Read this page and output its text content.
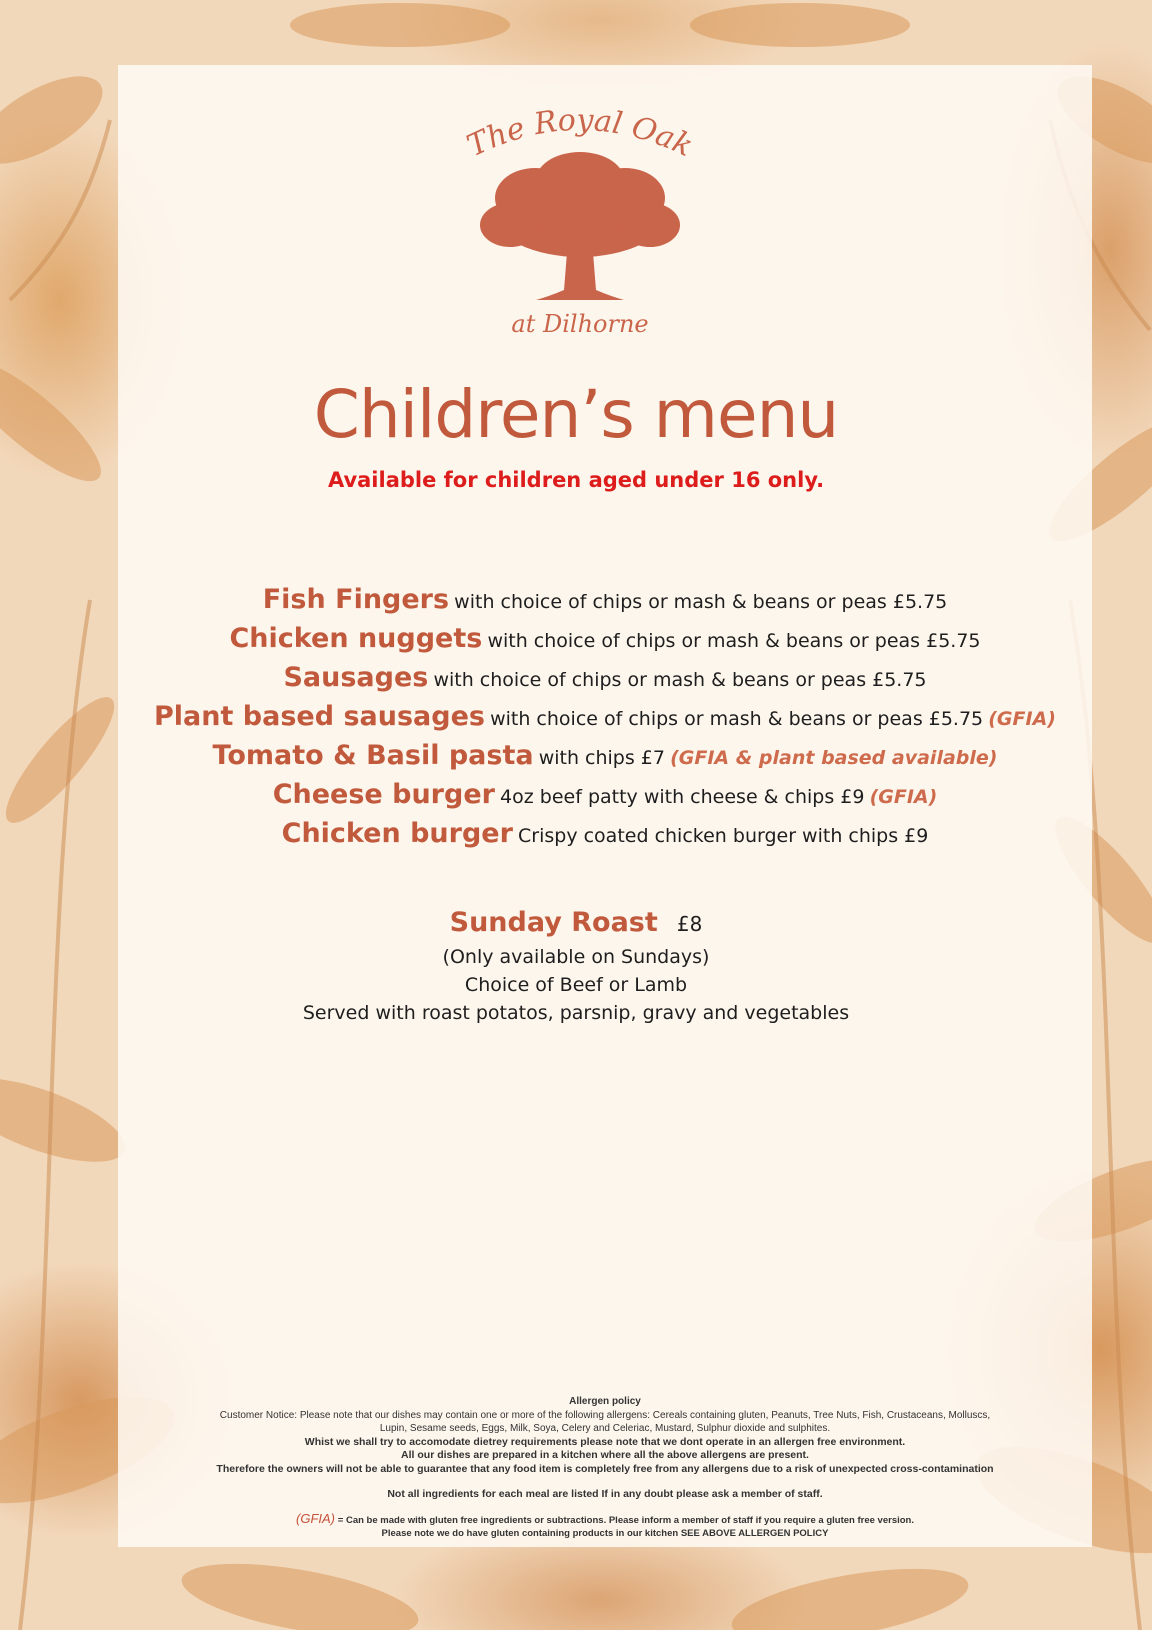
The Royal Oak
at Dilhorne
Children’s menu
Available for children aged under 16 only.
Fish Fingers with choice of chips or mash & beans or peas £5.75
Chicken nuggets with choice of chips or mash & beans or peas £5.75
Sausages with choice of chips or mash & beans or peas £5.75
Plant based sausages with choice of chips or mash & beans or peas £5.75 (GFIA)
Tomato & Basil pasta with chips £7 (GFIA & plant based available)
Cheese burger 4oz beef patty with cheese & chips £9 (GFIA)
Chicken burger Crispy coated chicken burger with chips £9
Sunday Roast £8
(Only available on Sundays)
Choice of Beef or Lamb
Served with roast potatos, parsnip, gravy and vegetables
Allergen policy
Customer Notice: Please note that our dishes may contain one or more of the following allergens: Cereals containing gluten, Peanuts, Tree Nuts, Fish, Crustaceans, Molluscs,
Lupin, Sesame seeds, Eggs, Milk, Soya, Celery and Celeriac, Mustard, Sulphur dioxide and sulphites.
Whist we shall try to accomodate dietrey requirements please note that we dont operate in an allergen free environment.
All our dishes are prepared in a kitchen where all the above allergens are present.
Therefore the owners will not be able to guarantee that any food item is completely free from any allergens due to a risk of unexpected cross-contamination
Not all ingredients for each meal are listed If in any doubt please ask a member of staff.
(GFIA) = Can be made with gluten free ingredients or subtractions. Please inform a member of staff if you require a gluten free version.
Please note we do have gluten containing products in our kitchen SEE ABOVE ALLERGEN POLICY
